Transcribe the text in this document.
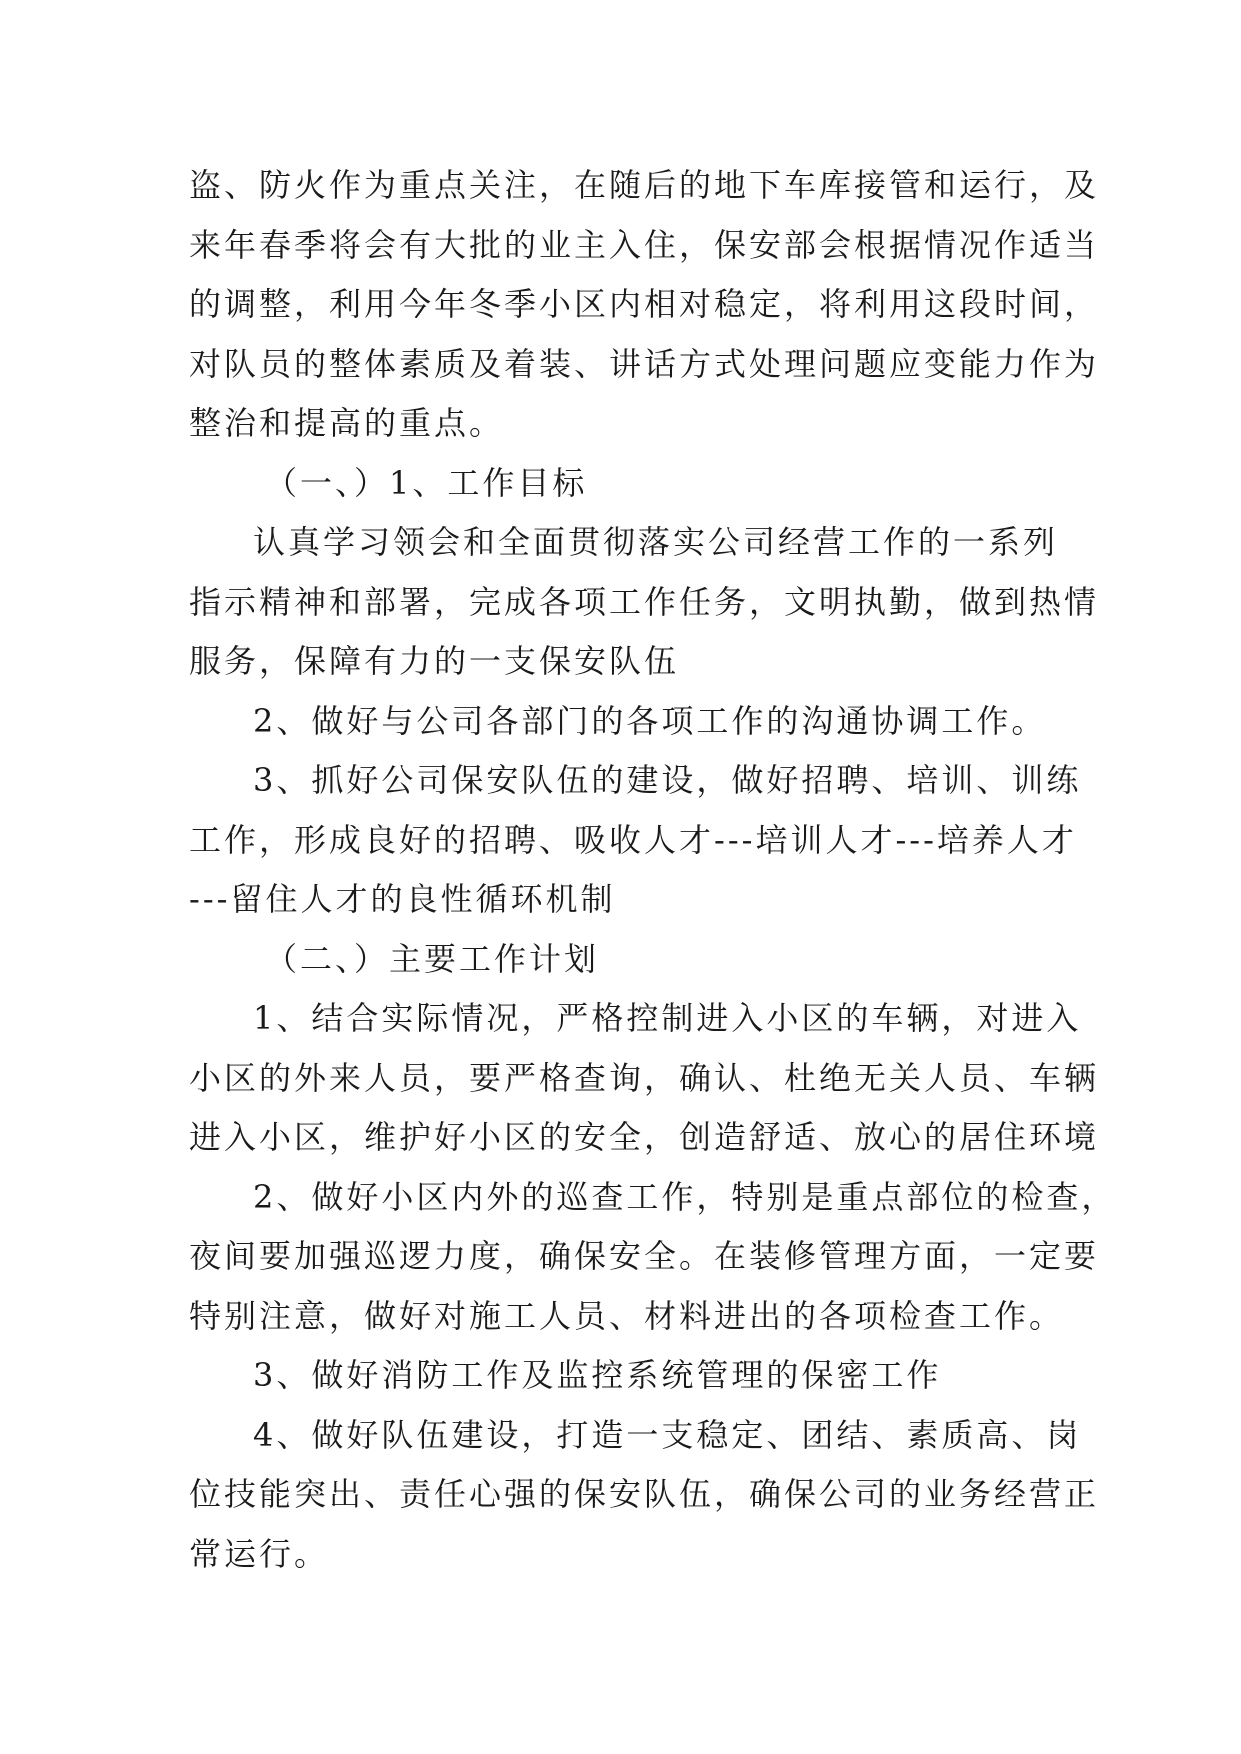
盗、防火作为重点关注，在随后的地下车库接管和运行，及
来年春季将会有大批的业主入住，保安部会根据情况作适当
的调整，利用今年冬季小区内相对稳定，将利用这段时间，
对队员的整体素质及着装、讲话方式处理问题应变能力作为
整治和提高的重点。
（一、）1、工作目标
认真学习领会和全面贯彻落实公司经营工作的一系列
指示精神和部署，完成各项工作任务，文明执勤，做到热情
服务，保障有力的一支保安队伍
2、做好与公司各部门的各项工作的沟通协调工作。
3、抓好公司保安队伍的建设，做好招聘、培训、训练
工作，形成良好的招聘、吸收人才---培训人才---培养人才
---留住人才的良性循环机制
（二、）主要工作计划
1、结合实际情况，严格控制进入小区的车辆，对进入
小区的外来人员，要严格查询，确认、杜绝无关人员、车辆
进入小区，维护好小区的安全，创造舒适、放心的居住环境
2、做好小区内外的巡查工作，特别是重点部位的检查，
夜间要加强巡逻力度，确保安全。在装修管理方面，一定要
特别注意，做好对施工人员、材料进出的各项检查工作。
3、做好消防工作及监控系统管理的保密工作
4、做好队伍建设，打造一支稳定、团结、素质高、岗
位技能突出、责任心强的保安队伍，确保公司的业务经营正
常运行。
